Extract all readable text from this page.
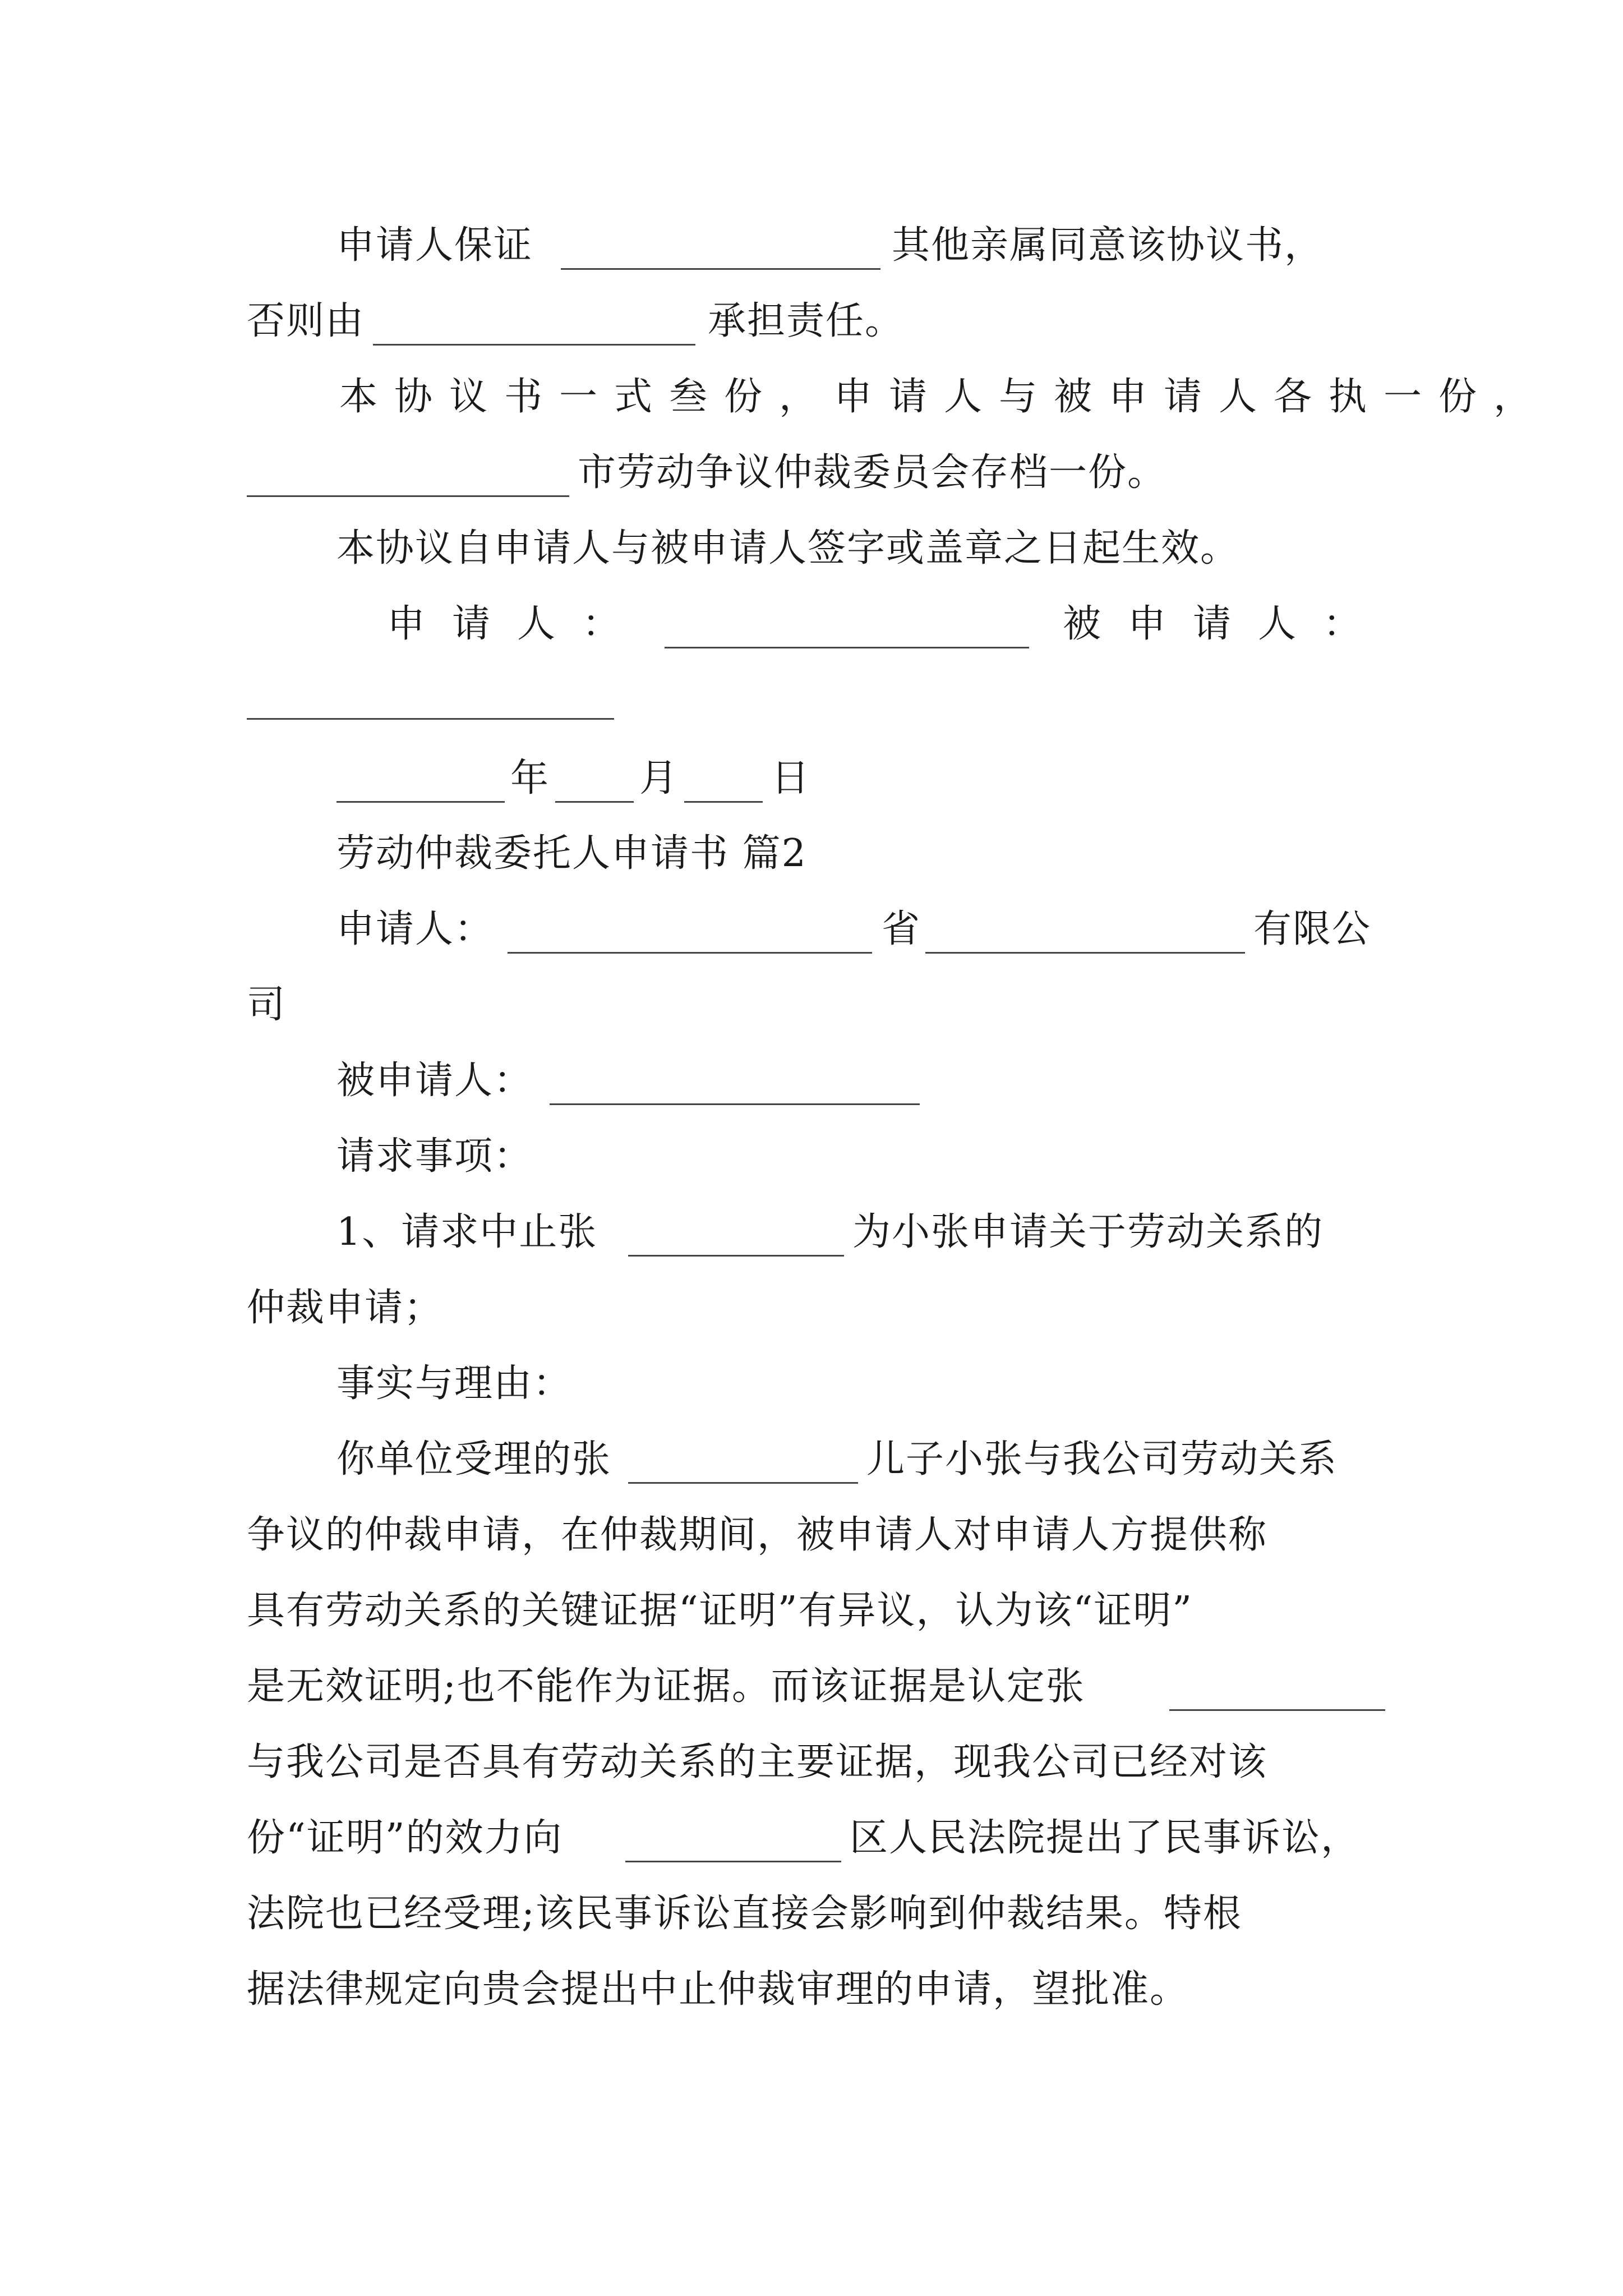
申请人保证	其他亲属同意该协议书，
否则由	承担责任。
本协议书一式叁份，申请人与被申请人各执一份，
市劳动争议仲裁委员会存档一份。
本协议自申请人与被申请人签字或盖章之日起生效。
申请人：	被申请人：
年 月 日
劳动仲裁委托人申请书 篇2
申请人：	省	有限公
司
被申请人：
请求事项：
1、请求中止张	为小张申请关于劳动关系的
仲裁申请；
事实与理由：
你单位受理的张	儿子小张与我公司劳动关系
争议的仲裁申请，在仲裁期间，被申请人对申请人方提供称
具有劳动关系的关键证据“证明”有异议，认为该“证明”
是无效证明;也不能作为证据。而该证据是认定张
与我公司是否具有劳动关系的主要证据，现我公司已经对该
份“证明”的效力向	区人民法院提出了民事诉讼，
法院也已经受理;该民事诉讼直接会影响到仲裁结果。特根
据法律规定向贵会提出中止仲裁审理的申请，望批准。
